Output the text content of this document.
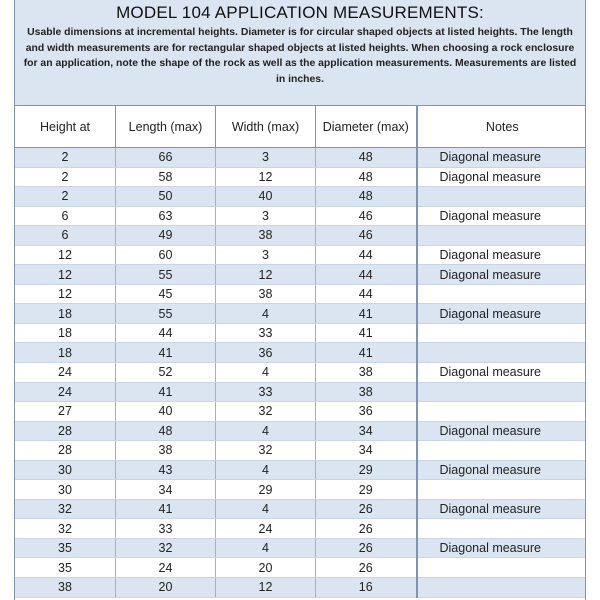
MODEL 104 APPLICATION MEASUREMENTS:

Usable dimensions at incremental heights. Diameter is for circular shaped objects at listed heights. The length and width measurements are for rectangular shaped objects at listed heights. When choosing a rock enclosure for an application, note the shape of the rock as well as the application measurements. Measurements are listed in inches.

Height at	Length (max)	Width (max)	Diameter (max)	Notes
2	66	3	48	Diagonal measure
2	58	12	48	Diagonal measure
2	50	40	48	
6	63	3	46	Diagonal measure
6	49	38	46	
12	60	3	44	Diagonal measure
12	55	12	44	Diagonal measure
12	45	38	44	
18	55	4	41	Diagonal measure
18	44	33	41	
18	41	36	41	
24	52	4	38	Diagonal measure
24	41	33	38	
27	40	32	36	
28	48	4	34	Diagonal measure
28	38	32	34	
30	43	4	29	Diagonal measure
30	34	29	29	
32	41	4	26	Diagonal measure
32	33	24	26	
35	32	4	26	Diagonal measure
35	24	20	26	
38	20	12	16	
